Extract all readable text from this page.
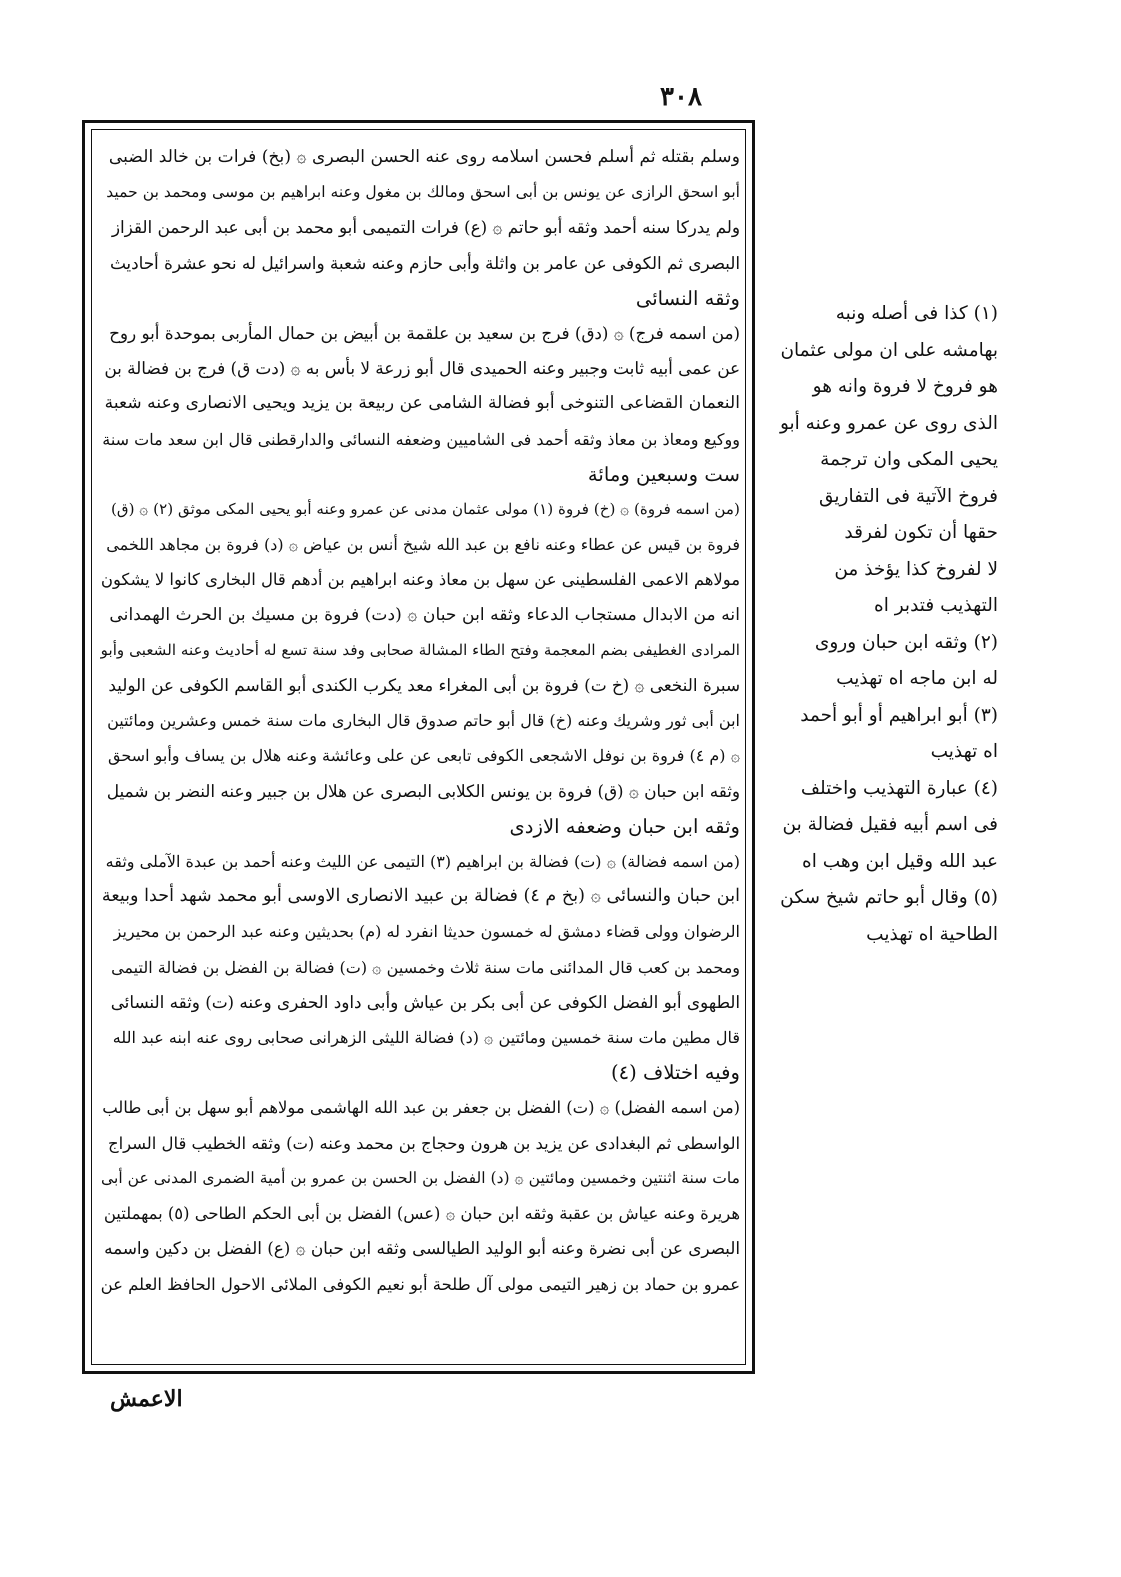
٣٠٨
وسلم بقتله ثم أسلم فحسن اسلامه روى عنه الحسن البصرى ۞ (بخ) فرات بن خالد الضبى
أبو اسحق الرازى عن يونس بن أبى اسحق ومالك بن مغول وعنه ابراهيم بن موسى ومحمد بن حميد
ولم يدركا سنه أحمد وثقه أبو حاتم ۞ (ع) فرات التميمى أبو محمد بن أبى عبد الرحمن القزاز
البصرى ثم الكوفى عن عامر بن واثلة وأبى حازم وعنه شعبة واسرائيل له نحو عشرة أحاديث
وثقه النسائى
(من اسمه فرج) ۞ (دق) فرج بن سعيد بن علقمة بن أبيض بن حمال المأربى بموحدة أبو روح
عن عمى أبيه ثابت وجبير وعنه الحميدى قال أبو زرعة لا بأس به ۞ (دت ق) فرج بن فضالة بن
النعمان القضاعى التنوخى أبو فضالة الشامى عن ربيعة بن يزيد ويحيى الانصارى وعنه شعبة
ووكيع ومعاذ بن معاذ وثقه أحمد فى الشاميين وضعفه النسائى والدارقطنى قال ابن سعد مات سنة
ست وسبعين ومائة
(من اسمه فروة) ۞ (خ) فروة (١) مولى عثمان مدنى عن عمرو وعنه أبو يحيى المكى موثق (٢) ۞ (ق)
فروة بن قيس عن عطاء وعنه نافع بن عبد الله شيخ أنس بن عياض ۞ (د) فروة بن مجاهد اللخمى
مولاهم الاعمى الفلسطينى عن سهل بن معاذ وعنه ابراهيم بن أدهم قال البخارى كانوا لا يشكون
انه من الابدال مستجاب الدعاء وثقه ابن حبان ۞ (دت) فروة بن مسيك بن الحرث الهمدانى
المرادى الغطيفى بضم المعجمة وفتح الطاء المشالة صحابى وفد سنة تسع له أحاديث وعنه الشعبى وأبو
سبرة النخعى ۞ (خ ت) فروة بن أبى المغراء معد يكرب الكندى أبو القاسم الكوفى عن الوليد
ابن أبى ثور وشريك وعنه (خ) قال أبو حاتم صدوق قال البخارى مات سنة خمس وعشرين ومائتين
۞ (م ٤) فروة بن نوفل الاشجعى الكوفى تابعى عن على وعائشة وعنه هلال بن يساف وأبو اسحق
وثقه ابن حبان ۞ (ق) فروة بن يونس الكلابى البصرى عن هلال بن جبير وعنه النضر بن شميل
وثقه ابن حبان وضعفه الازدى
(من اسمه فضالة) ۞ (ت) فضالة بن ابراهيم (٣) التيمى عن الليث وعنه أحمد بن عبدة الآملى وثقه
ابن حبان والنسائى ۞ (بخ م ٤) فضالة بن عبيد الانصارى الاوسى أبو محمد شهد أحدا وبيعة
الرضوان وولى قضاء دمشق له خمسون حديثا انفرد له (م) بحديثين وعنه عبد الرحمن بن محيريز
ومحمد بن كعب قال المدائنى مات سنة ثلاث وخمسين ۞ (ت) فضالة بن الفضل بن فضالة التيمى
الطهوى أبو الفضل الكوفى عن أبى بكر بن عياش وأبى داود الحفرى وعنه (ت) وثقه النسائى
قال مطين مات سنة خمسين ومائتين ۞ (د) فضالة الليثى الزهرانى صحابى روى عنه ابنه عبد الله
وفيه اختلاف (٤)
(من اسمه الفضل) ۞ (ت) الفضل بن جعفر بن عبد الله الهاشمى مولاهم أبو سهل بن أبى طالب
الواسطى ثم البغدادى عن يزيد بن هرون وحجاج بن محمد وعنه (ت) وثقه الخطيب قال السراج
مات سنة اثنتين وخمسين ومائتين ۞ (د) الفضل بن الحسن بن عمرو بن أمية الضمرى المدنى عن أبى
هريرة وعنه عياش بن عقبة وثقه ابن حبان ۞ (عس) الفضل بن أبى الحكم الطاحى (٥) بمهملتين
البصرى عن أبى نضرة وعنه أبو الوليد الطيالسى وثقه ابن حبان ۞ (ع) الفضل بن دكين واسمه
عمرو بن حماد بن زهير التيمى مولى آل طلحة أبو نعيم الكوفى الملائى الاحول الحافظ العلم عن
(١) كذا فى أصله ونبه
بهامشه على ان مولى عثمان
هو فروخ لا فروة وانه هو
الذى روى عن عمرو وعنه أبو
يحيى المكى وان ترجمة
فروخ الآتية فى التفاريق
حقها أن تكون لفرقد
لا لفروخ كذا يؤخذ من
التهذيب فتدبر اه
(٢) وثقه ابن حبان وروى
له ابن ماجه اه تهذيب
(٣) أبو ابراهيم أو أبو أحمد
اه تهذيب
(٤) عبارة التهذيب واختلف
فى اسم أبيه فقيل فضالة بن
عبد الله وقيل ابن وهب اه
(٥) وقال أبو حاتم شيخ سكن
الطاحية اه تهذيب
الاعمش
